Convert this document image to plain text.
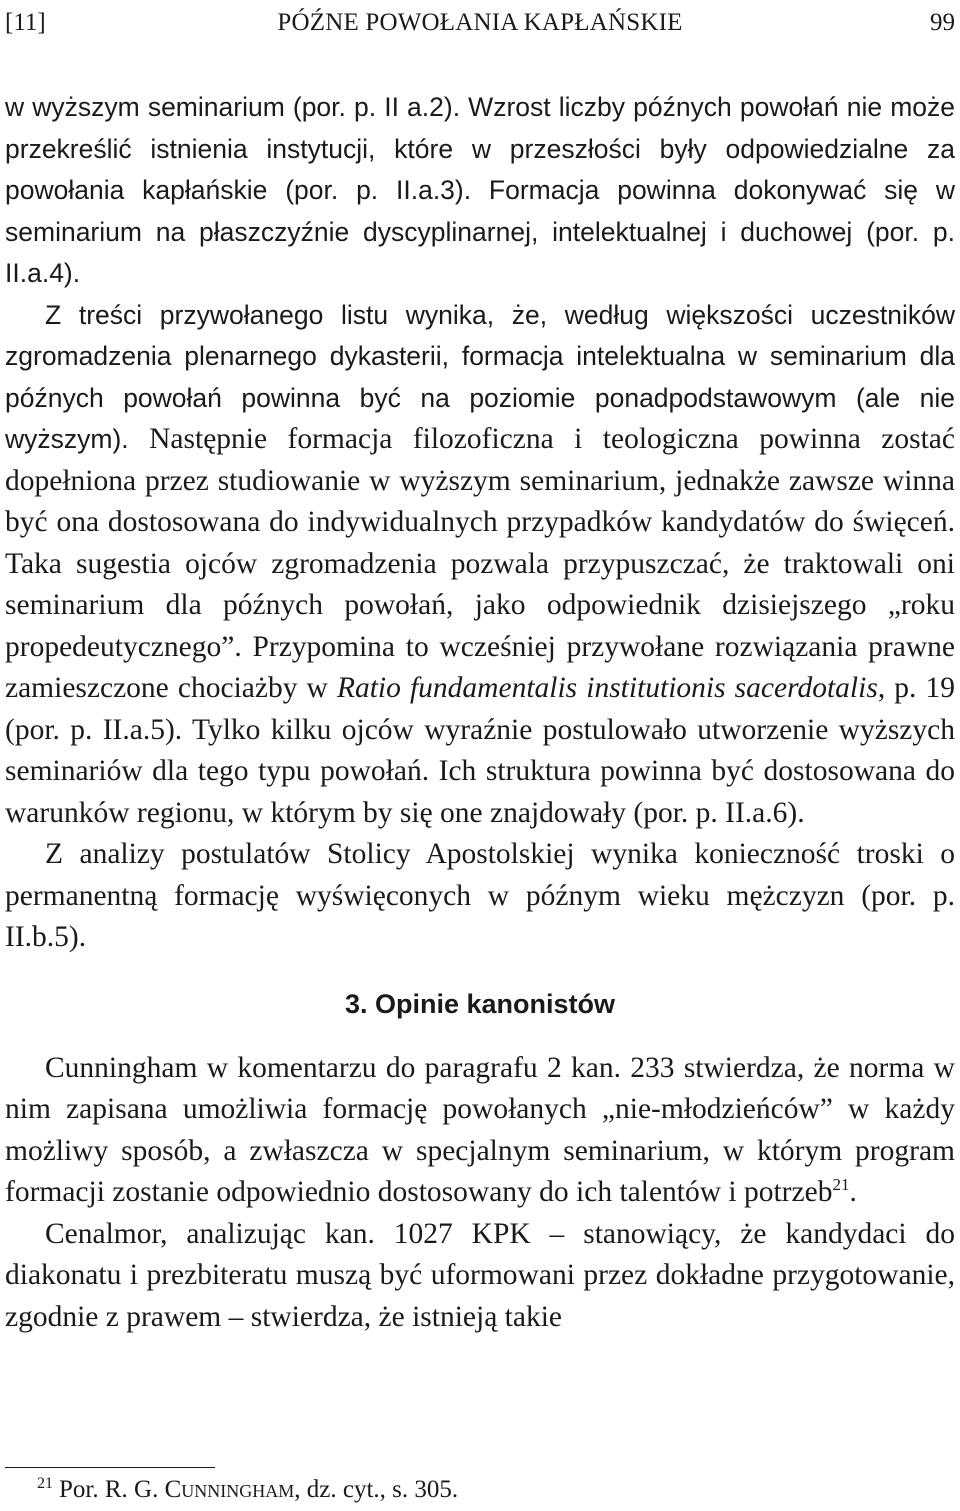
[11]	PÓŹNE POWOŁANIA KAPŁAŃSKIE	99

w wyższym seminarium (por. p. II a.2). Wzrost liczby późnych powołań nie może przekreślić istnienia instytucji, które w przeszłości były odpowiedzialne za powołania kapłańskie (por. p. II.a.3). Formacja powinna dokonywać się w seminarium na płaszczyźnie dyscyplinarnej, intelektualnej i duchowej (por. p. II.a.4).

Z treści przywołanego listu wynika, że, według większości uczestników zgromadzenia plenarnego dykasterii, formacja intelektualna w seminarium dla późnych powołań powinna być na poziomie ponadpodstawowym (ale nie wyższym). Następnie formacja filozoficzna i teologiczna powinna zostać dopełniona przez studiowanie w wyższym seminarium, jednakże zawsze winna być ona dostosowana do indywidualnych przypadków kandydatów do święceń. Taka sugestia ojców zgromadzenia pozwala przypuszczać, że traktowali oni seminarium dla późnych powołań, jako odpowiednik dzisiejszego „roku propedeutycznego”. Przypomina to wcześniej przywołane rozwiązania prawne zamieszczone chociażby w Ratio fundamentalis institutionis sacerdotalis, p. 19 (por. p. II.a.5). Tylko kilku ojców wyraźnie postulowało utworzenie wyższych seminariów dla tego typu powołań. Ich struktura powinna być dostosowana do warunków regionu, w którym by się one znajdowały (por. p. II.a.6).

Z analizy postulatów Stolicy Apostolskiej wynika konieczność troski o permanentną formację wyświęconych w późnym wieku mężczyzn (por. p. II.b.5).

3. Opinie kanonistów

Cunningham w komentarzu do paragrafu 2 kan. 233 stwierdza, że norma w nim zapisana umożliwia formację powołanych „nie-młodzieńców” w każdy możliwy sposób, a zwłaszcza w specjalnym seminarium, w którym program formacji zostanie odpowiednio dostosowany do ich talentów i potrzeb$^{21}$.

Cenalmor, analizując kan. 1027 KPK – stanowiący, że kandydaci do diakonatu i prezbiteratu muszą być uformowani przez dokładne przygotowanie, zgodnie z prawem – stwierdza, że istnieją takie

$^{21}$ Por. R. G. Cunningham, dz. cyt., s. 305.
